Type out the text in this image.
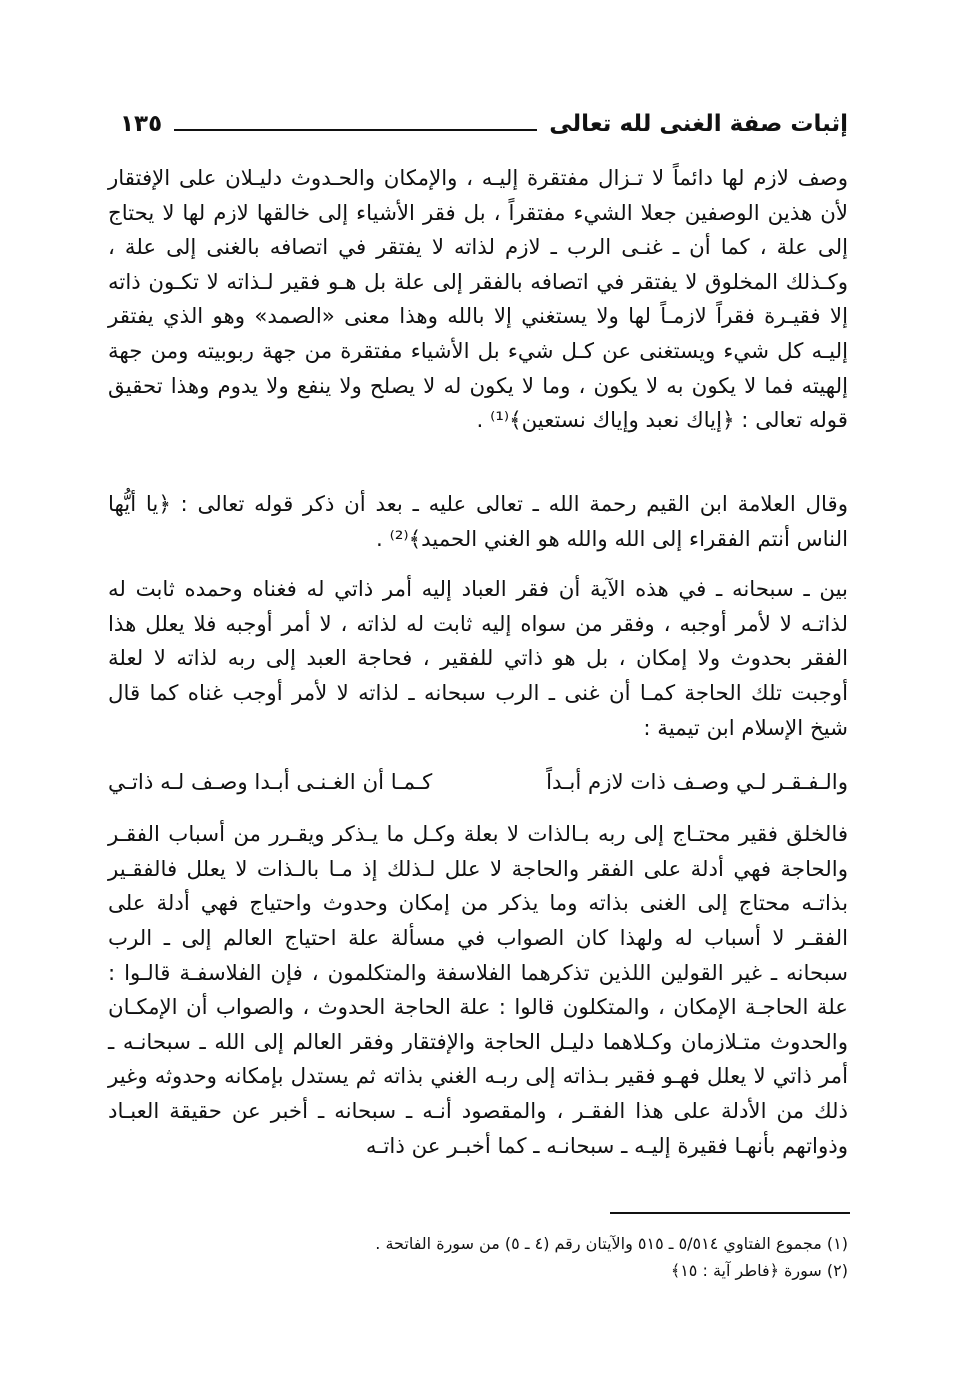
إثبات صفة الغنى لله تعالى
١٣٥

وصف لازم لها دائماً لا تـزال مفتقرة إليـه ، والإمكان والحـدوث دليـلان على الإفتقار لأن هذين الوصفين جعلا الشيء مفتقراً ، بل فقر الأشياء إلى خالقها لازم لها لا يحتاج إلى علة ، كما أن ـ غنـى الرب ـ لازم لذاته لا يفتقر في اتصافه بالغنى إلى علة ، وكـذلك المخلوق لا يفتقر في اتصافه بالفقر إلى علة بل هـو فقير لـذاته لا تكـون ذاته إلا فقيـرة فقراً لازمـاً لها ولا يستغني إلا بالله وهذا معنى «الصمد» وهو الذي يفتقر إليـه كل شيء ويستغنى عن كـل شيء بل الأشياء مفتقرة من جهة ربوبيته ومن جهة إلهيته فما لا يكون به لا يكون ، وما لا يكون له لا يصلح ولا ينفع ولا يدوم وهذا تحقيق قوله تعالى : ﴿إياك نعبد وإياك نستعين﴾⁽¹⁾ .

وقال العلامة ابن القيم رحمة الله ـ تعالى عليه ـ بعد أن ذكر قوله تعالى : ﴿يا أيُّها الناس أنتم الفقراء إلى الله والله هو الغني الحميد﴾⁽²⁾ .

بين ـ سبحانه ـ في هذه الآية أن فقر العباد إليه أمر ذاتي له فغناه وحمده ثابت له لذاتـه لا لأمر أوجبه ، وفقر من سواه إليه ثابت له لذاته ، لا أمر أوجبه فلا يعلل هذا الفقر بحدوث ولا إمكان ، بل هو ذاتي للفقير ، فحاجة العبد إلى ربه لذاته لا لعلة أوجبت تلك الحاجة كمـا أن غنى ـ الرب سبحانه ـ لذاته لا لأمر أوجب غناه كما قال شيخ الإسلام ابن تيمية :

والـفـقـر لـي وصـف ذات لازم أبـداً
كـمـا أن الغـنـى أبـدا وصـف لـه ذاتـي

فالخلق فقير محتـاج إلى ربه بـالذات لا بعلة وكـل ما يـذكر ويقـرر من أسباب الفقـر والحاجة فهي أدلة على الفقر والحاجة لا علل لـذلك إذ مـا بالـذات لا يعلل فالفقـير بذاتـه محتاج إلى الغنى بذاته وما يذكر من إمكان وحدوث واحتياج فهي أدلة على الفقـر لا أسباب له ولهذا كان الصواب في مسألة علة احتياج العالم إلى ـ الرب سبحانه ـ غير القولين اللذين تذكرهما الفلاسفة والمتكلمون ، فإن الفلاسفـة قالـوا : علة الحاجـة الإمكان ، والمتكلون قالوا : علة الحاجة الحدوث ، والصواب أن الإمكـان والحدوث متـلازمان وكـلاهما دليـل الحاجة والإفتقار وفقر العالم إلى الله ـ سبحانـه ـ أمر ذاتي لا يعلل فهـو فقير بـذاته إلى ربـه الغني بذاته ثم يستدل بإمكانه وحدوثه وغير ذلك من الأدلة على هذا الفقـر ، والمقصود أنـه ـ سبحانه ـ أخبر عن حقيقة العبـاد وذواتهم بأنهـا فقيرة إليـه ـ سبحانـه ـ كما أخبـر عن ذاتـه

(١) مجموع الفتاوي ٥/٥١٤ ـ ٥١٥ والآيتان رقم (٤ ـ ٥) من سورة الفاتحة .
(٢) سورة ﴿فاطر آية : ١٥﴾
